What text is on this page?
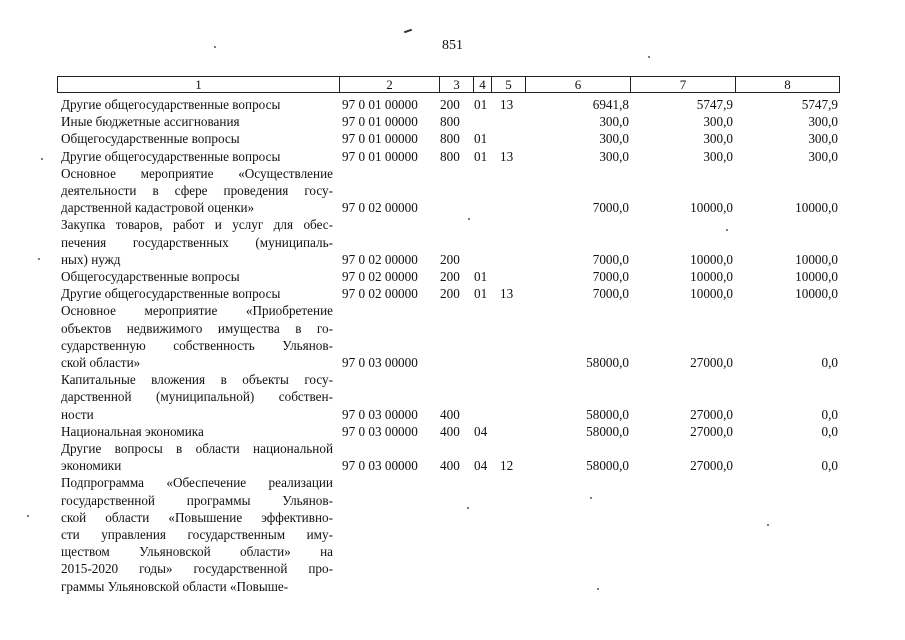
851
1	2	3	4	5	6	7	8
Другие общегосударственные вопросы	97 0 01 00000 200 01 13	6941,8	5747,9	5747,9
Иные бюджетные ассигнования	97 0 01 00000 800	300,0	300,0	300,0
Общегосударственные вопросы	97 0 01 00000 800 01	300,0	300,0	300,0
Другие общегосударственные вопросы	97 0 01 00000 800 01 13	300,0	300,0	300,0
Основное мероприятие «Осуществление
деятельности в сфере проведения госу-
дарственной кадастровой оценки»	97 0 02 00000	7000,0	10000,0	10000,0
Закупка товаров, работ и услуг для обес-
печения государственных (муниципаль-
ных) нужд	97 0 02 00000 200	7000,0	10000,0	10000,0
Общегосударственные вопросы	97 0 02 00000 200 01	7000,0	10000,0	10000,0
Другие общегосударственные вопросы	97 0 02 00000 200 01 13	7000,0	10000,0	10000,0
Основное мероприятие «Приобретение
объектов недвижимого имущества в го-
сударственную собственность Ульянов-
ской области»	97 0 03 00000	58000,0	27000,0	0,0
Капитальные вложения в объекты госу-
дарственной (муниципальной) собствен-
ности	97 0 03 00000 400	58000,0	27000,0	0,0
Национальная экономика	97 0 03 00000 400 04	58000,0	27000,0	0,0
Другие вопросы в области национальной
экономики	97 0 03 00000 400 04 12	58000,0	27000,0	0,0
Подпрограмма «Обеспечение реализации
государственной программы Ульянов-
ской области «Повышение эффективно-
сти управления государственным иму-
ществом Ульяновской области» на
2015-2020 годы» государственной про-
граммы Ульяновской области «Повыше-
